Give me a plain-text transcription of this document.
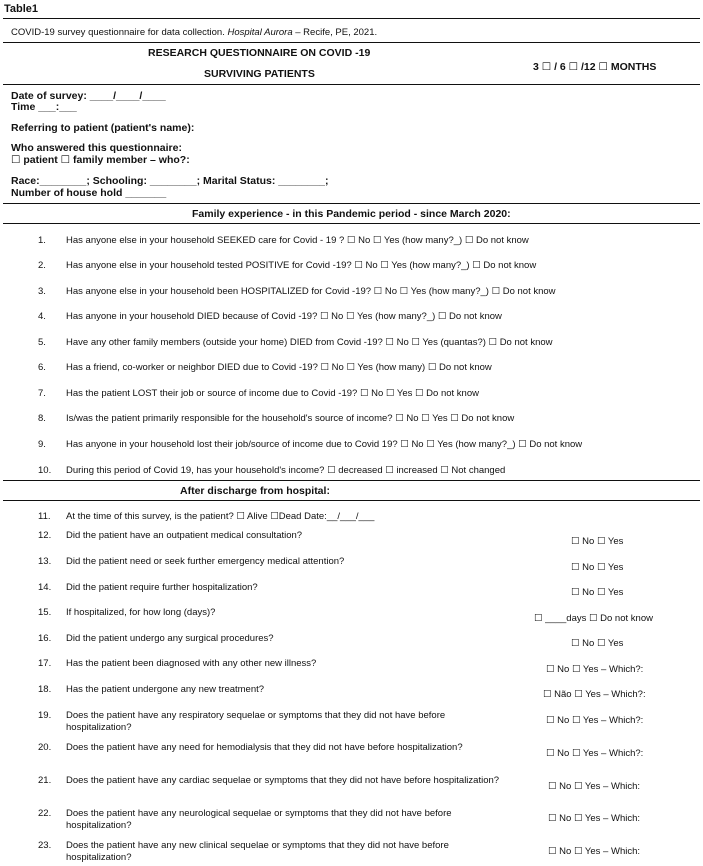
Table1
COVID-19 survey questionnaire for data collection. Hospital Aurora – Recife, PE, 2021.
RESEARCH QUESTIONNAIRE ON COVID -19
SURVIVING PATIENTS
3 ☐ / 6 ☐ /12 ☐ MONTHS
Date of survey: ____/____/____
Time ___:___
Referring to patient (patient's name):
Who answered this questionnaire:
☐ patient ☐ family member – who?:
Race:________; Schooling: ________; Marital Status: ________;
Number of house hold _______
Family experience - in this Pandemic period - since March 2020:
1. Has anyone else in your household SEEKED care for Covid - 19 ? ☐ No ☐ Yes (how many?_) ☐ Do not know
2. Has anyone else in your household tested POSITIVE for Covid -19? ☐ No ☐ Yes (how many?_) ☐ Do not know
3. Has anyone else in your household been HOSPITALIZED for Covid -19? ☐ No ☐ Yes (how many?_) ☐ Do not know
4. Has anyone in your household DIED because of Covid -19? ☐ No ☐ Yes (how many?_) ☐ Do not know
5. Have any other family members (outside your home) DIED from Covid -19? ☐ No ☐ Yes (quantas?) ☐ Do not know
6. Has a friend, co-worker or neighbor DIED due to Covid -19? ☐ No ☐ Yes (how many) ☐ Do not know
7. Has the patient LOST their job or source of income due to Covid -19? ☐ No ☐ Yes ☐ Do not know
8. Is/was the patient primarily responsible for the household's source of income? ☐ No ☐ Yes ☐ Do not know
9. Has anyone in your household lost their job/source of income due to Covid 19? ☐ No ☐ Yes (how many?_) ☐ Do not know
10. During this period of Covid 19, has your household's income? ☐ decreased ☐ increased ☐ Not changed
After discharge from hospital:
11. At the time of this survey, is the patient? ☐ Alive ☐Dead Date:__/___/___
12. Did the patient have an outpatient medical consultation?
☐ No ☐ Yes
13. Did the patient need or seek further emergency medical attention?
☐ No ☐ Yes
14. Did the patient require further hospitalization?	☐ No ☐ Yes
15. If hospitalized, for how long (days)?
☐ ____days ☐ Do not know
16. Did the patient undergo any surgical procedures?	☐ No ☐ Yes
17. Has the patient been diagnosed with any other new illness?
☐ No ☐ Yes – Which?:
18. Has the patient undergone any new treatment?	☐ Não ☐ Yes – Which?:
19. Does the patient have any respiratory sequelae or symptoms that they did not have before hospitalization?
☐ No ☐ Yes – Which?:
20. Does the patient have any need for hemodialysis that they did not have before hospitalization?
☐ No ☐ Yes – Which?:
21. Does the patient have any cardiac sequelae or symptoms that they did not have before hospitalization?
☐ No ☐ Yes – Which:
22. Does the patient have any neurological sequelae or symptoms that they did not have before hospitalization?
☐ No ☐ Yes – Which:
23. Does the patient have any new clinical sequelae or symptoms that they did not have before hospitalization?	☐ No ☐ Yes – Which:
